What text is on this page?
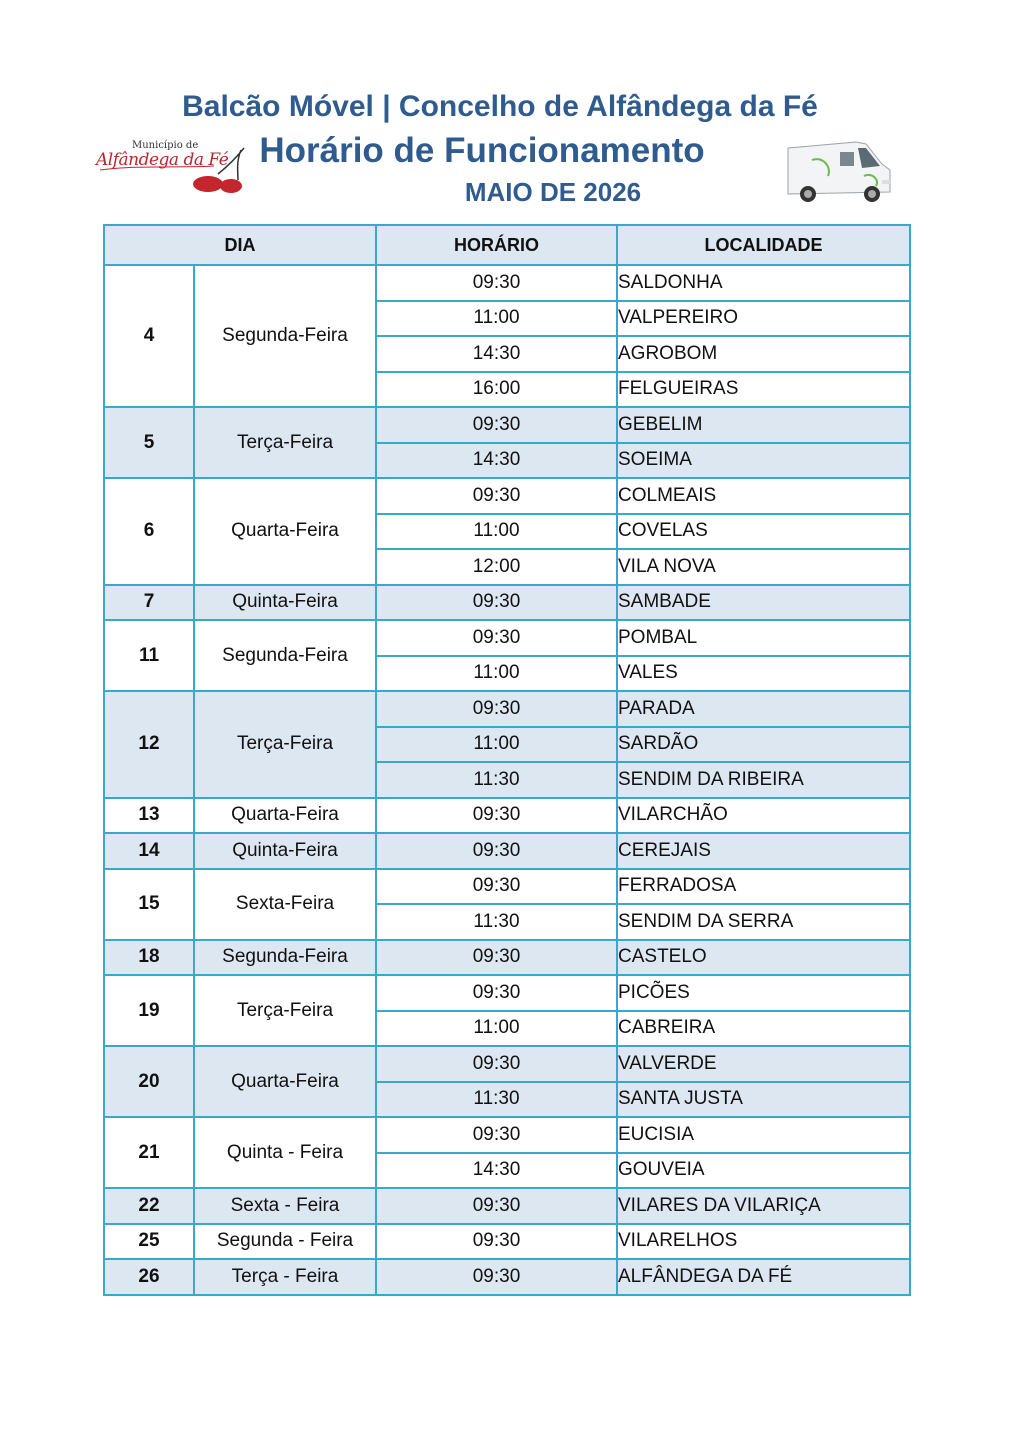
Balcão Móvel | Concelho de Alfândega da Fé
Horário de Funcionamento
MAIO DE 2026
Município de
Alfândega da Fé
DIA		HORÁRIO	LOCALIDADE
4	Segunda-Feira	09:30	SALDONHA
		11:00	VALPEREIRO
		14:30	AGROBOM
		16:00	FELGUEIRAS
5	Terça-Feira	09:30	GEBELIM
		14:30	SOEIMA
6	Quarta-Feira	09:30	COLMEAIS
		11:00	COVELAS
		12:00	VILA NOVA
7	Quinta-Feira	09:30	SAMBADE
11	Segunda-Feira	09:30	POMBAL
		11:00	VALES
12	Terça-Feira	09:30	PARADA
		11:00	SARDÃO
		11:30	SENDIM DA RIBEIRA
13	Quarta-Feira	09:30	VILARCHÃO
14	Quinta-Feira	09:30	CEREJAIS
15	Sexta-Feira	09:30	FERRADOSA
		11:30	SENDIM DA SERRA
18	Segunda-Feira	09:30	CASTELO
19	Terça-Feira	09:30	PICÕES
		11:00	CABREIRA
20	Quarta-Feira	09:30	VALVERDE
		11:30	SANTA JUSTA
21	Quinta - Feira	09:30	EUCISIA
		14:30	GOUVEIA
22	Sexta - Feira	09:30	VILARES DA VILARIÇA
25	Segunda - Feira	09:30	VILARELHOS
26	Terça - Feira	09:30	ALFÂNDEGA DA FÉ
